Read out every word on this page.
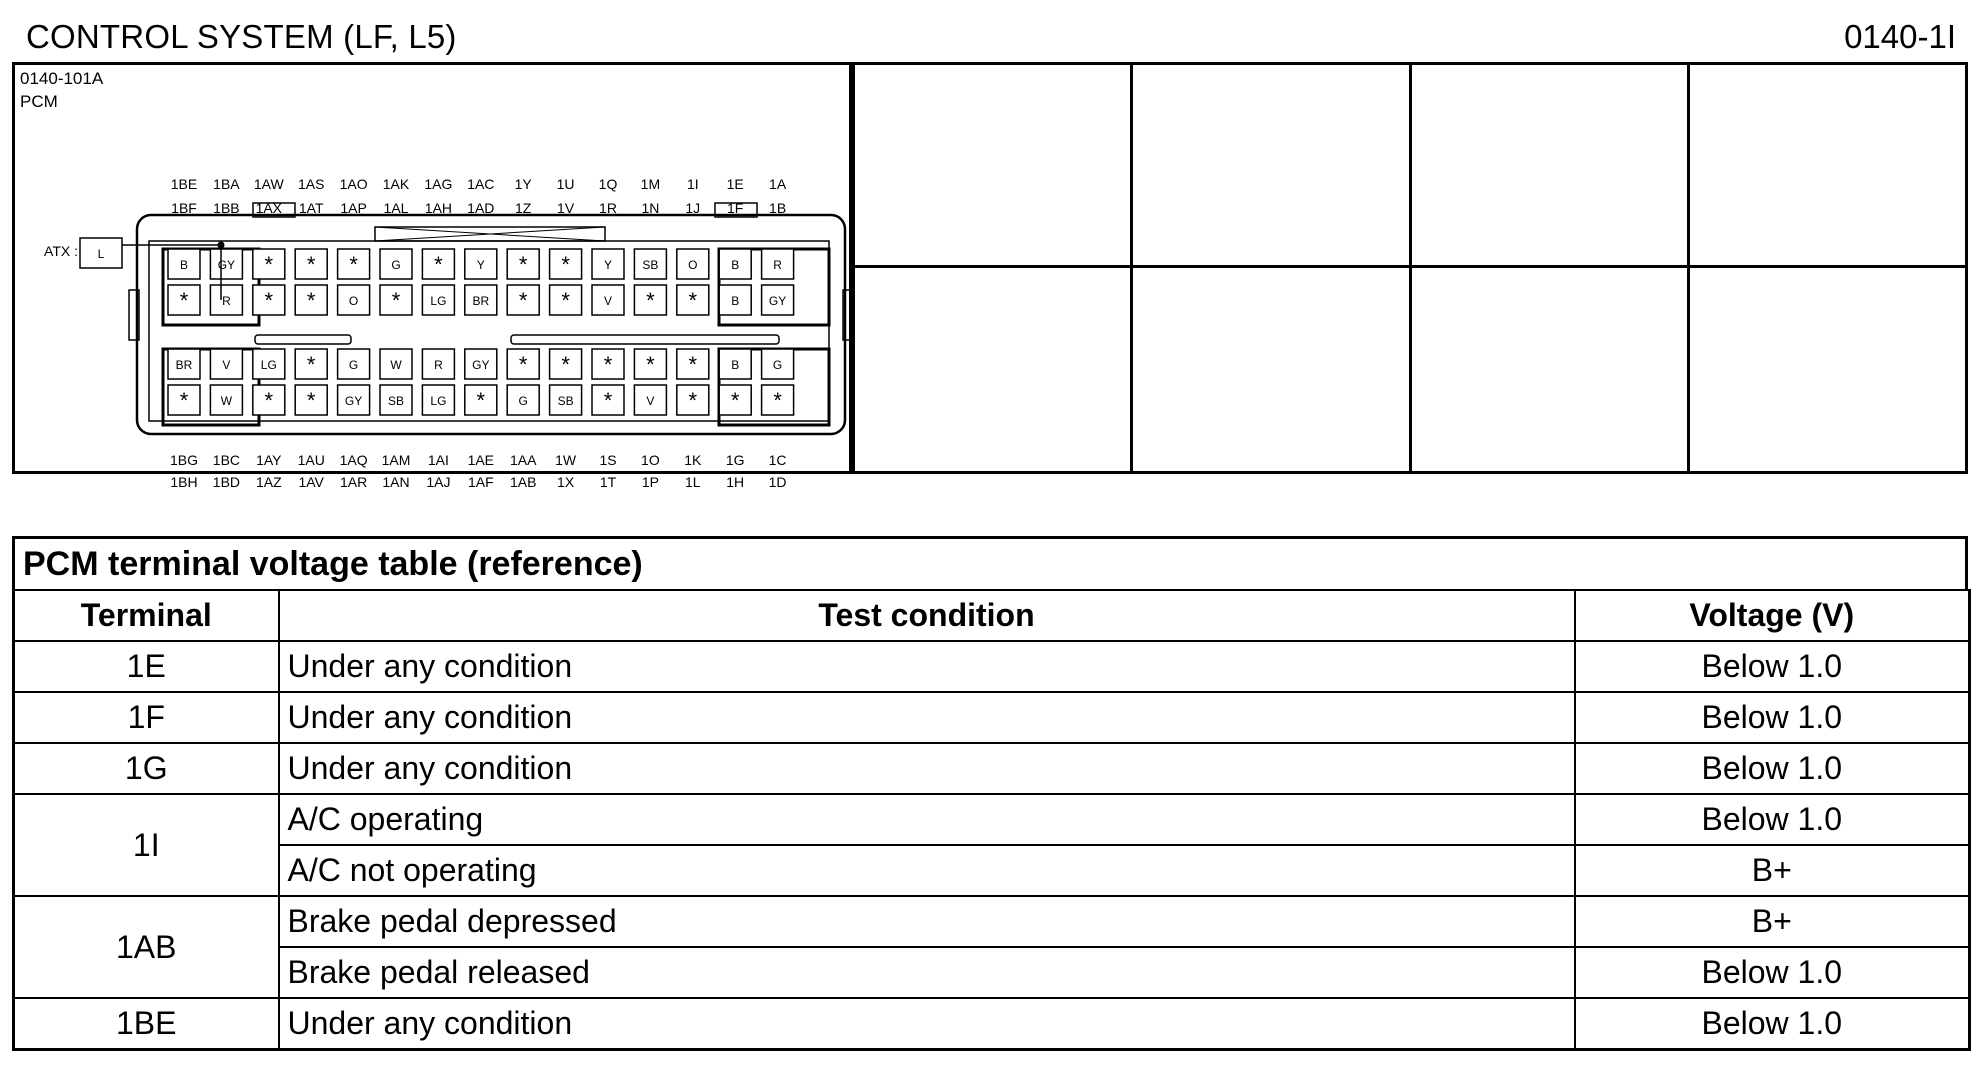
CONTROL SYSTEM (LF, L5)	0140-1I
0140-101A
PCM
1BE 1BA 1AW 1AS 1AO 1AK 1AG 1AC 1Y 1U 1Q 1M 1I 1E 1A
1BF 1BB 1AX 1AT 1AP 1AL 1AH 1AD 1Z 1V 1R 1N 1J 1F 1B
1BG 1BC 1AY 1AU 1AQ 1AM 1AI 1AE 1AA 1W 1S 1O 1K 1G 1C
1BH 1BD 1AZ 1AV 1AR 1AN 1AJ 1AF 1AB 1X 1T 1P 1L 1H 1D
B GY * * *	G *	Y * *	Y	SB O	B	R
*	R * *	O *	LG BR * *	V * *	B GY
BR	V	LG *	G	W	R GY * * * * *	B	G
*	W * * GY SB LG *	G SB *	V * * *
ATX : L
PCM terminal voltage table (reference)
Terminal	Test condition	Voltage (V)
1E	Under any condition	Below 1.0
1F	Under any condition	Below 1.0
1G	Under any condition	Below 1.0
1I	A/C operating	Below 1.0
	A/C not operating	B+
1AB	Brake pedal depressed	B+
	Brake pedal released	Below 1.0
1BE	Under any condition	Below 1.0
